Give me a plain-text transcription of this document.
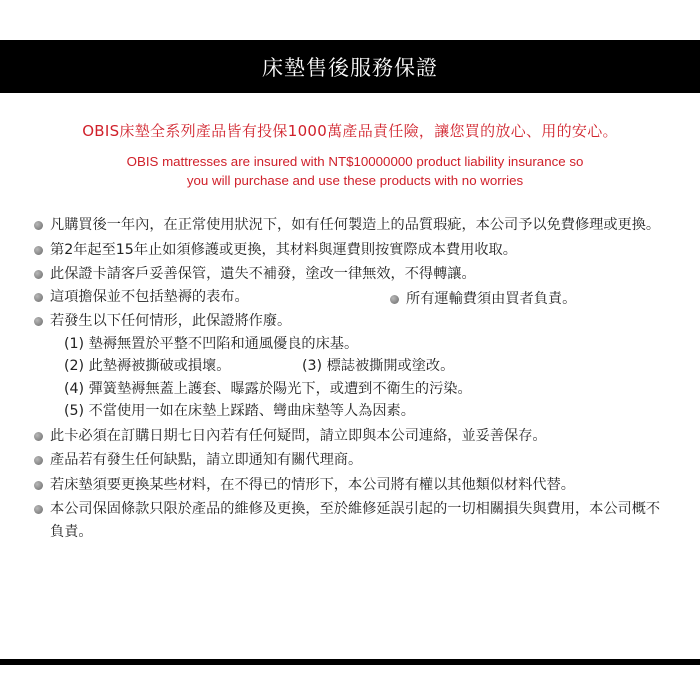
床墊售後服務保證
OBIS床墊全系列產品皆有投保1000萬產品責任險，讓您買的放心、用的安心。
OBIS mattresses are insured with NT$10000000 product liability insurance so
you will purchase and use these products with no worries
凡購買後一年內，在正常使用狀況下，如有任何製造上的品質瑕疵，本公司予以免費修理或更換。
第2年起至15年止如須修護或更換，其材料與運費則按實際成本費用收取。
此保證卡請客戶妥善保管，遺失不補發，塗改一律無效，不得轉讓。
這項擔保並不包括墊褥的表布。	所有運輸費須由買者負責。
若發生以下任何情形，此保證將作廢。
(1) 墊褥無置於平整不凹陷和通風優良的床基。
(2) 此墊褥被撕破或損壞。	(3) 標誌被撕開或塗改。
(4) 彈簧墊褥無蓋上護套、曝露於陽光下，或遭到不衛生的污染。
(5) 不當使用一如在床墊上踩踏、彎曲床墊等人為因素。
此卡必須在訂購日期七日內若有任何疑問，請立即與本公司連絡，並妥善保存。
產品若有發生任何缺點，請立即通知有關代理商。
若床墊須要更換某些材料，在不得已的情形下，本公司將有權以其他類似材料代替。
本公司保固條款只限於產品的維修及更換，至於維修延誤引起的一切相關損失與費用，本公司概不負責。
